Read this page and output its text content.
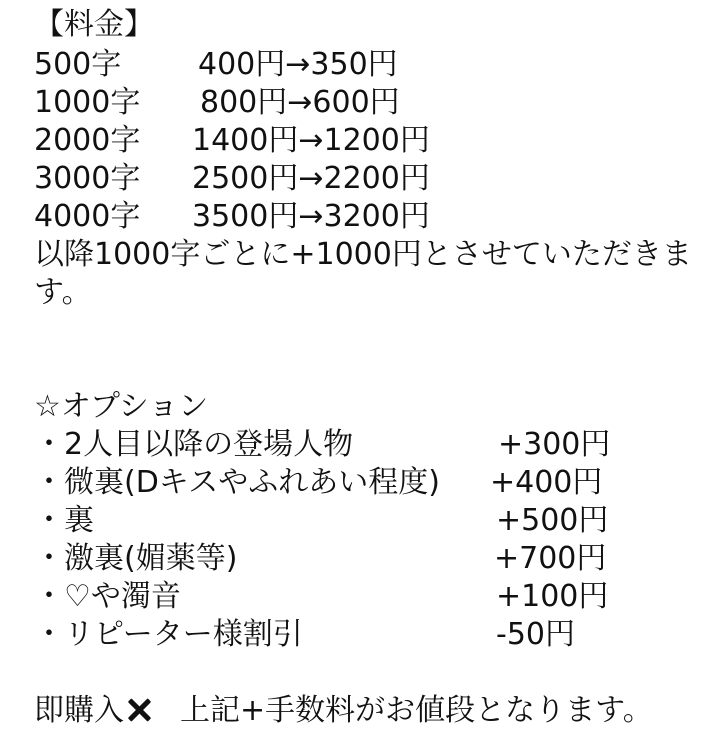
【料金】
500字	400円→350円
1000字 800円→600円
2000字 1400円→1200円
3000字 2500円→2200円
4000字 3500円→3200円
以降1000字ごとに+1000円とさせていただきます。
☆オプション
・2人目以降の登場人物	+300円
・微裏(Dキスやふれあい程度) +400円
・裏	+500円
・激裏(媚薬等)	+700円
・♡や濁音	+100円
・リピーター様割引	-50円
即購入 上記+手数料がお値段となります。
